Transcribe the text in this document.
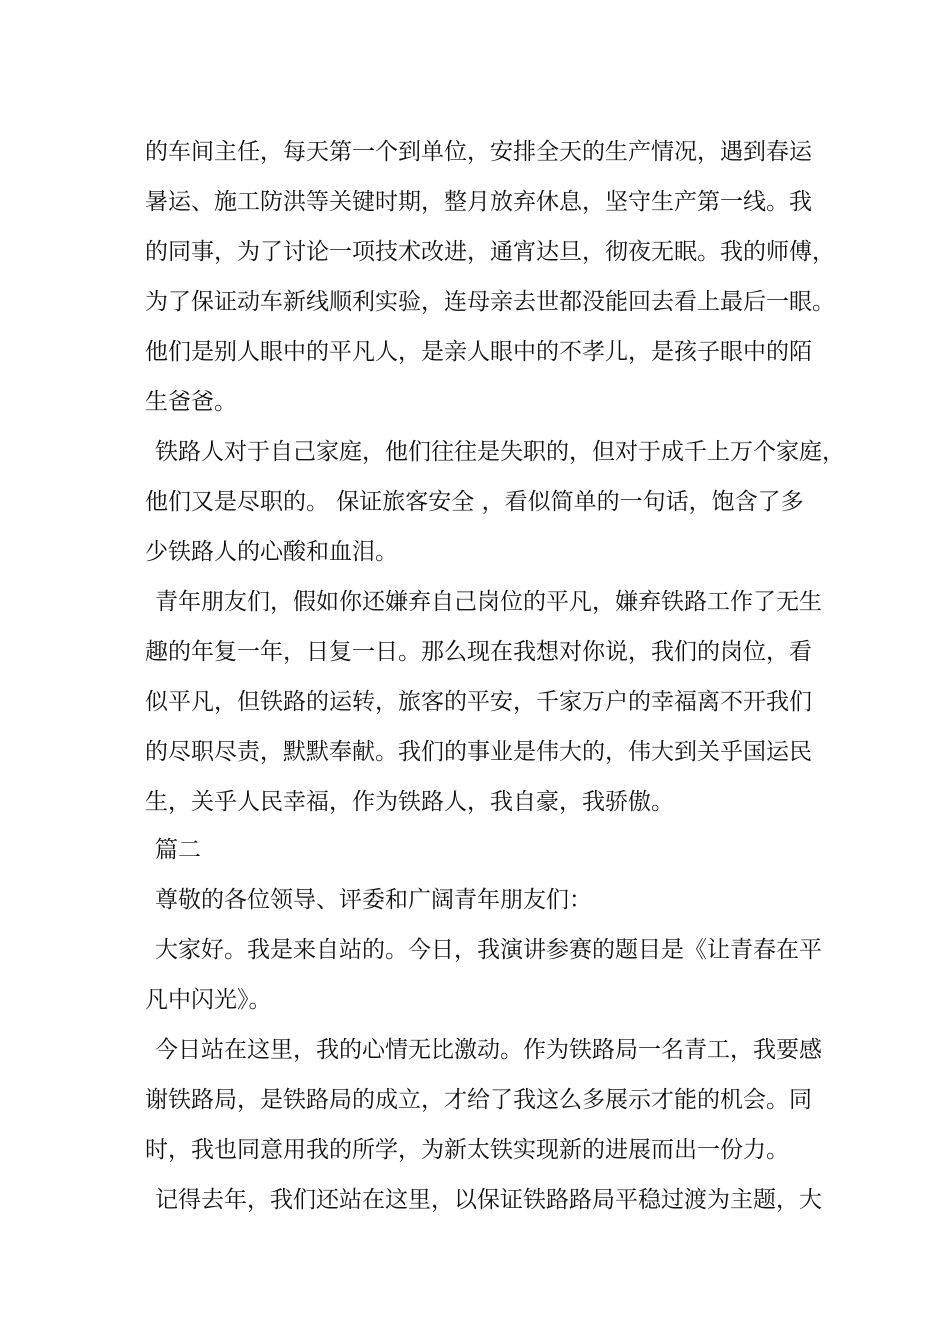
的车间主任，每天第一个到单位，安排全天的生产情况，遇到春运
暑运、施工防洪等关键时期，整月放弃休息，坚守生产第一线。我
的同事，为了讨论一项技术改进，通宵达旦，彻夜无眠。我的师傅，
为了保证动车新线顺利实验，连母亲去世都没能回去看上最后一眼。
他们是别人眼中的平凡人，是亲人眼中的不孝儿，是孩子眼中的陌
生爸爸。
铁路人对于自己家庭，他们往往是失职的，但对于成千上万个家庭，
他们又是尽职的。 保证旅客安全 ，看似简单的一句话，饱含了多
少铁路人的心酸和血泪。
青年朋友们，假如你还嫌弃自己岗位的平凡，嫌弃铁路工作了无生
趣的年复一年，日复一日。那么现在我想对你说，我们的岗位，看
似平凡，但铁路的运转，旅客的平安，千家万户的幸福离不开我们
的尽职尽责，默默奉献。我们的事业是伟大的，伟大到关乎国运民
生，关乎人民幸福，作为铁路人，我自豪，我骄傲。
篇二
尊敬的各位领导、评委和广阔青年朋友们：
大家好。我是来自站的。今日，我演讲参赛的题目是《让青春在平
凡中闪光》。
今日站在这里，我的心情无比激动。作为铁路局一名青工，我要感
谢铁路局，是铁路局的成立，才给了我这么多展示才能的机会。同
时，我也同意用我的所学，为新太铁实现新的进展而出一份力。
记得去年，我们还站在这里，以保证铁路路局平稳过渡为主题，大
